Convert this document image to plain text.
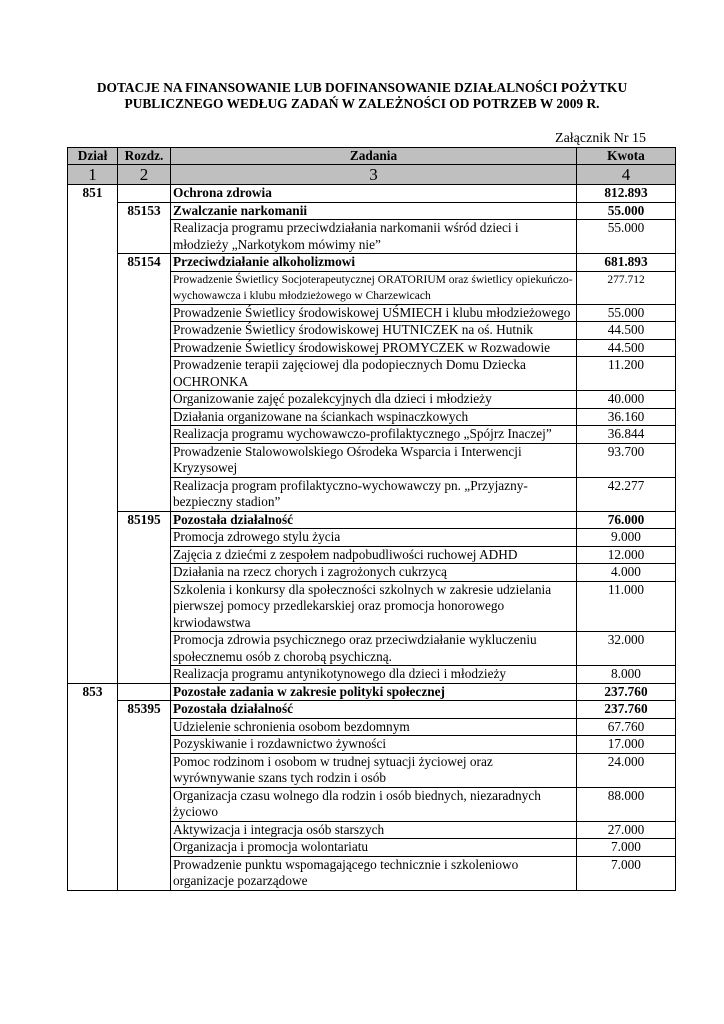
DOTACJE NA FINANSOWANIE LUB DOFINANSOWANIE DZIAŁALNOŚCI POŻYTKU
PUBLICZNEGO WEDŁUG ZADAŃ W ZALEŻNOŚCI OD POTRZEB W 2009 R.
Załącznik Nr 15
Dział	Rozdz.	Zadania	Kwota
1	2	3	4
851		Ochrona zdrowia	812.893
	85153	Zwalczanie narkomanii	55.000
		Realizacja programu przeciwdziałania narkomanii wśród dzieci i młodzieży „Narkotykom mówimy nie”	55.000
	85154	Przeciwdziałanie alkoholizmowi	681.893
		Prowadzenie Świetlicy Socjoterapeutycznej ORATORIUM oraz świetlicy opiekuńczo-wychowawcza i klubu młodzieżowego w Charzewicach	277.712
		Prowadzenie Świetlicy środowiskowej UŚMIECH i klubu młodzieżowego	55.000
		Prowadzenie Świetlicy środowiskowej HUTNICZEK na oś. Hutnik	44.500
		Prowadzenie Świetlicy środowiskowej PROMYCZEK w Rozwadowie	44.500
		Prowadzenie terapii zajęciowej dla podopiecznych Domu Dziecka OCHRONKA	11.200
		Organizowanie zajęć pozalekcyjnych dla dzieci i młodzieży	40.000
		Działania organizowane na ściankach wspinaczkowych	36.160
		Realizacja programu wychowawczo-profilaktycznego „Spójrz Inaczej”	36.844
		Prowadzenie Stalowowolskiego Ośrodeka Wsparcia i Interwencji Kryzysowej	93.700
		Realizacja program profilaktyczno-wychowawczy pn. „Przyjazny-bezpieczny stadion”	42.277
	85195	Pozostała działalność	76.000
		Promocja zdrowego stylu życia	9.000
		Zajęcia z dziećmi z zespołem nadpobudliwości ruchowej ADHD	12.000
		Działania na rzecz chorych i zagrożonych cukrzycą	4.000
		Szkolenia i konkursy dla społeczności szkolnych w zakresie udzielania pierwszej pomocy przedlekarskiej oraz promocja honorowego krwiodawstwa	11.000
		Promocja zdrowia psychicznego oraz przeciwdziałanie wykluczeniu społecznemu osób z chorobą psychiczną.	32.000
		Realizacja programu antynikotynowego dla dzieci i młodzieży	8.000
853		Pozostałe zadania w zakresie polityki społecznej	237.760
	85395	Pozostała działalność	237.760
		Udzielenie schronienia osobom bezdomnym	67.760
		Pozyskiwanie i rozdawnictwo żywności	17.000
		Pomoc rodzinom i osobom w trudnej sytuacji życiowej oraz wyrównywanie szans tych rodzin i osób	24.000
		Organizacja czasu wolnego dla rodzin i osób biednych, niezaradnych życiowo	88.000
		Aktywizacja i integracja osób starszych	27.000
		Organizacja i promocja wolontariatu	7.000
		Prowadzenie punktu wspomagającego technicznie i szkoleniowo organizacje pozarządowe	7.000
